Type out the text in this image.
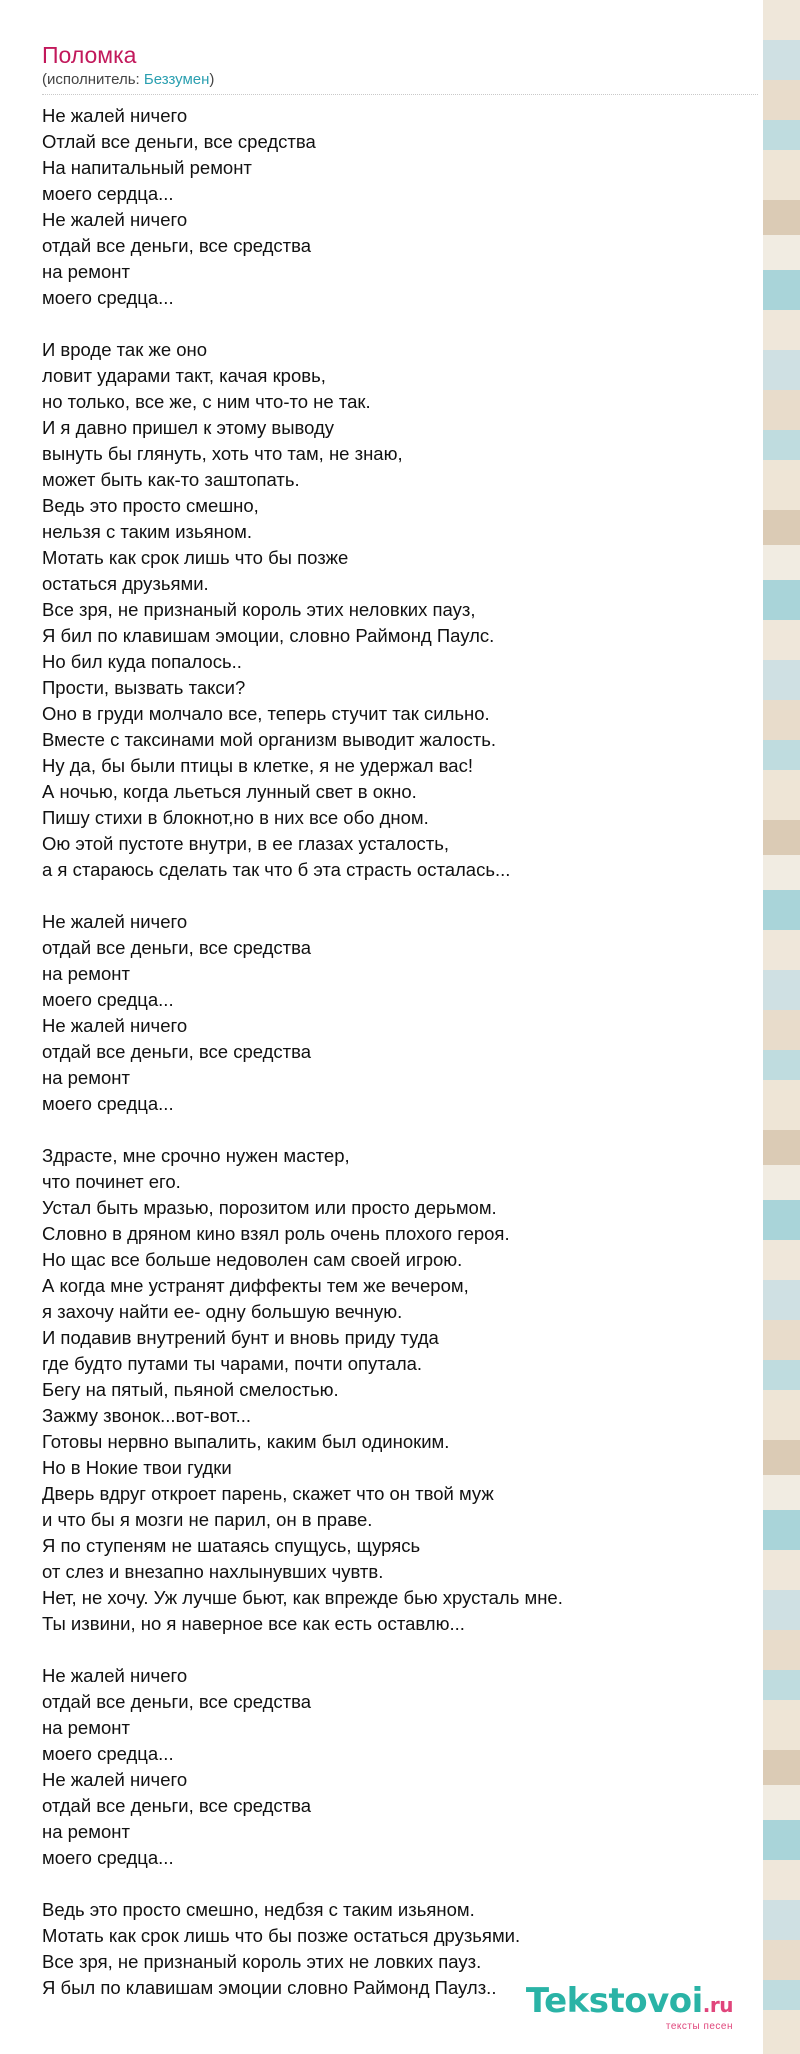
Поломка
(исполнитель: Беззумен)
Не жалей ничего
Отлай все деньги, все средства
На напитальный ремонт
моего сердца...
Не жалей ничего
отдай все деньги, все средства
на ремонт
моего средца...
И вроде так же оно
ловит ударами такт, качая кровь,
но только, все же, с ним что-то не так.
И я давно пришел к этому выводу
вынуть бы глянуть, хоть что там, не знаю,
может быть как-то заштопать.
Ведь это просто смешно,
нельзя с таким изьяном.
Мотать как срок лишь что бы позже
остаться друзьями.
Все зря, не признаный король этих неловких пауз,
Я бил по клавишам эмоции, словно Раймонд Паулс.
Но бил куда попалось..
Прости, вызвать такси?
Оно в груди молчало все, теперь стучит так сильно.
Вместе с таксинами мой организм выводит жалость.
Ну да, бы были птицы в клетке, я не удержал вас!
А ночью, когда льеться лунный свет в окно.
Пишу стихи в блокнот,но в них все обо дном.
Ою этой пустоте внутри, в ее глазах усталость,
а я стараюсь сделать так что б эта страсть осталась...
Не жалей ничего
отдай все деньги, все средства
на ремонт
моего средца...
Не жалей ничего
отдай все деньги, все средства
на ремонт
моего средца...
Здрасте, мне срочно нужен мастер,
что починет его.
Устал быть мразью, порозитом или просто дерьмом.
Словно в дряном кино взял роль очень плохого героя.
Но щас все больше недоволен сам своей игрою.
А когда мне устранят диффекты тем же вечером,
я захочу найти ее- одну большую вечную.
И подавив внутрений бунт и вновь приду туда
где будто путами ты чарами, почти опутала.
Бегу на пятый, пьяной смелостью.
Зажму звонок...вот-вот...
Готовы нервно выпалить, каким был одиноким.
Но в Нокие твои гудки
Дверь вдруг откроет парень, скажет что он твой муж
и что бы я мозги не парил, он в праве.
Я по ступеням не шатаясь спущусь, щурясь
от слез и внезапно нахлынувших чувтв.
Нет, не хочу. Уж лучше бьют, как впрежде бью хрусталь мне.
Ты извини, но я наверное все как есть оставлю...
Не жалей ничего
отдай все деньги, все средства
на ремонт
моего средца...
Не жалей ничего
отдай все деньги, все средства
на ремонт
моего средца...
Ведь это просто смешно, недбзя с таким изьяном.
Мотать как срок лишь что бы позже остаться друзьями.
Все зря, не признаный король этих не ловких пауз.
Я был по клавишам эмоции словно Раймонд Паулз.. Tekstovoi.ru
тексты песен
